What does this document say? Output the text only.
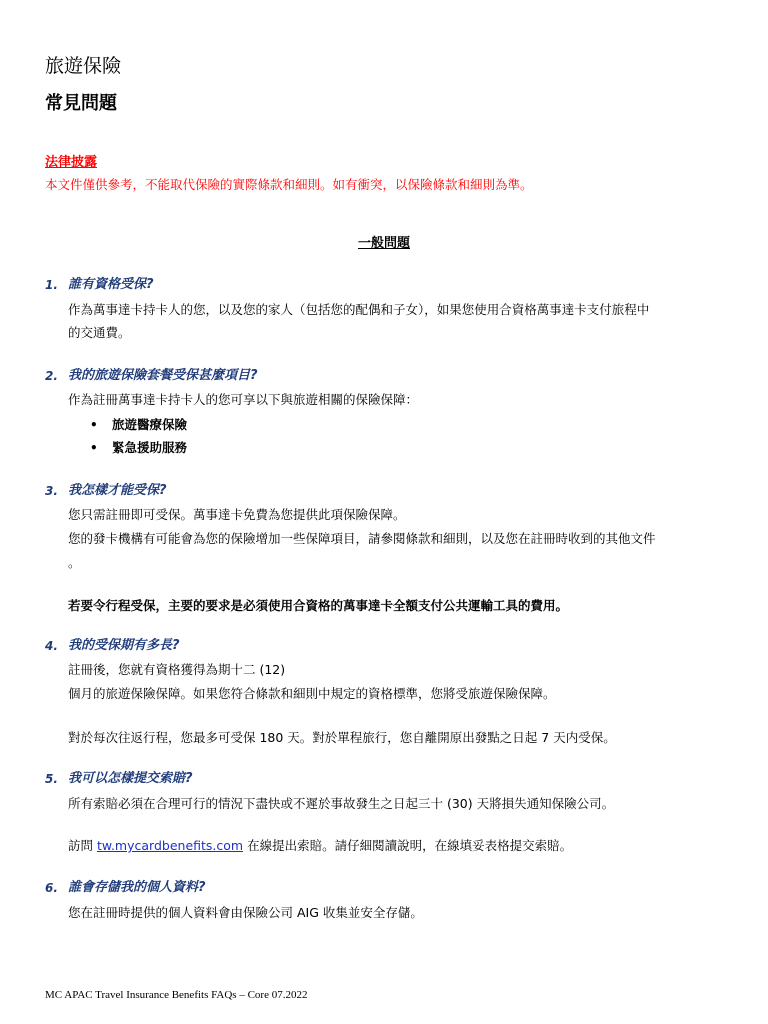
旅遊保險
常見問題
法律披露
本文件僅供參考，不能取代保險的實際條款和細則。如有衝突，以保險條款和細則為準。
一般問題
1. 誰有資格受保?
作為萬事達卡持卡人的您，以及您的家人（包括您的配偶和子女），如果您使用合資格萬事達卡支付旅程中
的交通費。
2. 我的旅遊保險套餐受保甚麼項目?
作為註冊萬事達卡持卡人的您可享以下與旅遊相關的保險保障：
• 旅遊醫療保險
• 緊急援助服務
3. 我怎樣才能受保?
您只需註冊即可受保。萬事達卡免費為您提供此項保險保障。
您的發卡機構有可能會為您的保險增加一些保障項目，請參閱條款和細則，以及您在註冊時收到的其他文件
。
若要令行程受保，主要的要求是必須使用合資格的萬事達卡全額支付公共運輸工具的費用。
4. 我的受保期有多長?
註冊後，您就有資格獲得為期十二 (12)
個月的旅遊保險保障。如果您符合條款和細則中規定的資格標準，您將受旅遊保險保障。
對於每次往返行程，您最多可受保 180 天。對於單程旅行，您自離開原出發點之日起 7 天内受保。
5. 我可以怎樣提交索賠?
所有索賠必須在合理可行的情況下盡快或不遲於事故發生之日起三十 (30) 天將損失通知保險公司。
訪問 tw.mycardbenefits.com 在線提出索賠。請仔細閱讀說明，在線填妥表格提交索賠。
6. 誰會存儲我的個人資料?
您在註冊時提供的個人資料會由保險公司 AIG 收集並安全存儲。
MC APAC Travel Insurance Benefits FAQs – Core 07.2022
